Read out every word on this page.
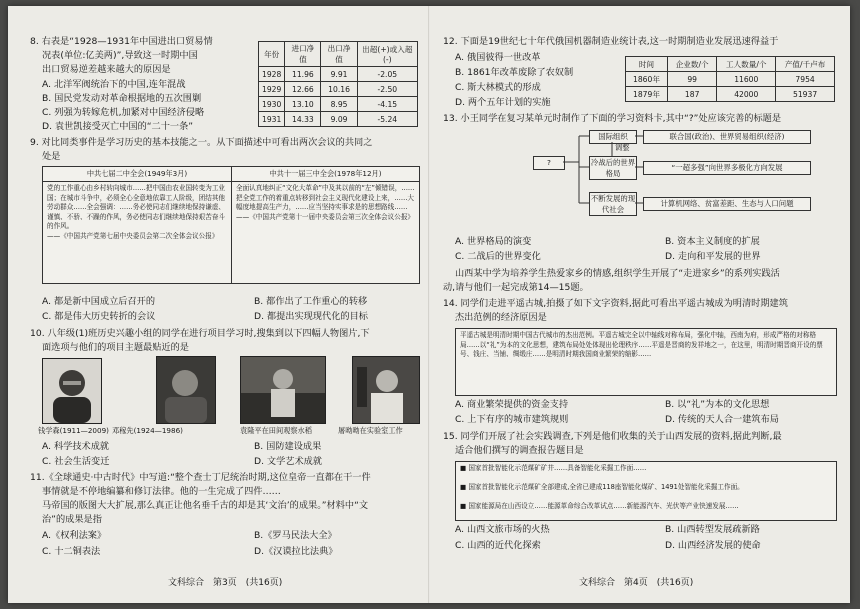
8. 右表是“1928—1931年中国进出口贸易情
况表(单位:亿美两)”,导致这一时期中国
出口贸易逆差越来越大的原因是
A. 北洋军阀统治下的中国,连年混战
B. 国民党发动对革命根据地的五次围剿
C. 列强为转嫁危机,加紧对中国经济侵略
D. 袁世凯接受灭亡中国的“二十一条”
年份	进口净值	出口净值	出超(+)或入超(-)
1928	11.96	9.91	-2.05
1929	12.66	10.16	-2.50
1930	13.10	8.95	-4.15
1931	14.33	9.09	-5.24
9. 对比同类事件是学习历史的基本技能之一。从下面描述中可看出两次会议的共同之
处是
中共七届二中全会(1949年3月)	中共十一届三中全会(1978年12月)
党的工作重心由乡村转向城市……把中国由农业国转变为工业国；在城市斗争中，必须全心全意地依靠工人阶级，团结其他劳动群众……全会强调：……务必使同志们继续地保持谦虚、谨慎、不骄、不躁的作风，务必使同志们继续地保持艰苦奋斗的作风。
——《中国共产党第七届中央委员会第二次全体会议公报》
全面认真地纠正“文化大革命”中及其以前的“左”倾错误，……把全党工作的着重点转移到社会主义现代化建设上来，……大幅度地提高生产力，……应当坚持实事求是的思想路线……
——《中国共产党第十一届中央委员会第三次全体会议公报》
A. 都是新中国成立后召开的	B. 都作出了工作重心的转移
C. 都是伟大历史转折的会议	D. 都提出实现现代化的目标
10. 八年级(1)班历史兴趣小组的同学在进行项目学习时,搜集到以下四幅人物图片,下
面选项与他们的项目主题最贴近的是
钱学森(1911—2009) 邓稼先(1924—1986)	袁隆平在田间观察水稻	屠呦呦在实验室工作
A. 科学技术成就	B. 国防建设成果
C. 社会生活变迁	D. 文学艺术成就
11.《全球通史·中古时代》中写道:“整个查士丁尼统治时期,这位皇帝一直都在干一件
事情就是不停地编纂和修订法律。他的一生完成了四件……
马帝国的版图大大扩展,那么真正让他名垂千古的却是其‘文治’的成果。”材料中“文
治”的成果是指
A.《权利法案》	B.《罗马民法大全》
C. 十二铜表法	D.《汉谟拉比法典》
文科综合　第3页　(共16页)
12. 下面是19世纪七十年代俄国机器制造业统计表,这一时期制造业发展迅速得益于
A. 俄国彼得一世改革
B. 1861年改革废除了农奴制
C. 斯大林模式的形成
D. 两个五年计划的实施
时间	企业数/个	工人数量/个	产值/千卢布
1860年	99	11600	7954
1879年	187	42000	51937
13. 小王同学在复习某单元时制作了下面的学习资料卡,其中“?”处应该完善的标题是
?
国际组织
冷战后的世界格局
不断发展的现代社会
调整
联合国(政治)、世界贸易组织(经济)
“一超多强”向世界多极化方向发展
计算机网络、贫富差距、生态与人口问题
A. 世界格局的演变	B. 资本主义制度的扩展
C. 二战后的世界变化	D. 走向和平发展的世界
山西某中学为培养学生热爱家乡的情感,组织学生开展了“走进家乡”的系列实践活
动,请与他们一起完成第14—15题。
14. 同学们走进平遥古城,拍摄了如下文字资料,据此可看出平遥古城成为明清时期建筑
杰出范例的经济原因是
平遥古城是明清时期中国古代城市的杰出范例。平遥古城完全以中轴线对称布局，强化中轴，西南为府，形成严格的对称格局……以“礼”为本的文化思想，建筑布局处处体现出伦理秩序……平遥是晋商的发祥地之一，在这里，明清时期晋商开设的票号、钱庄、当铺、绸缎庄……是明清时期我国商业繁荣的缩影……
A. 商业繁荣提供的资金支持	B. 以“礼”为本的文化思想
C. 上下有序的城市建筑规则	D. 传统的天人合一建筑布局
15. 同学们开展了社会实践调查,下列是他们收集的关于山西发展的资料,据此判断,最
适合他们撰写的调查报告题目是
■ 国家首批智能化示范煤矿矿井……具备智能化采掘工作面……
■ 国家首批智能化示范煤矿全部建成,全省已建成118座智能化煤矿、1491处智能化采掘工作面。
■ 国家能源局在山西设立……能源革命综合改革试点……新能源汽车、光伏等产业快速发展……
A. 山西文旅市场的火热	B. 山西转型发展疏新路
C. 山西的近代化探索	D. 山西经济发展的使命
文科综合　第4页　(共16页)
